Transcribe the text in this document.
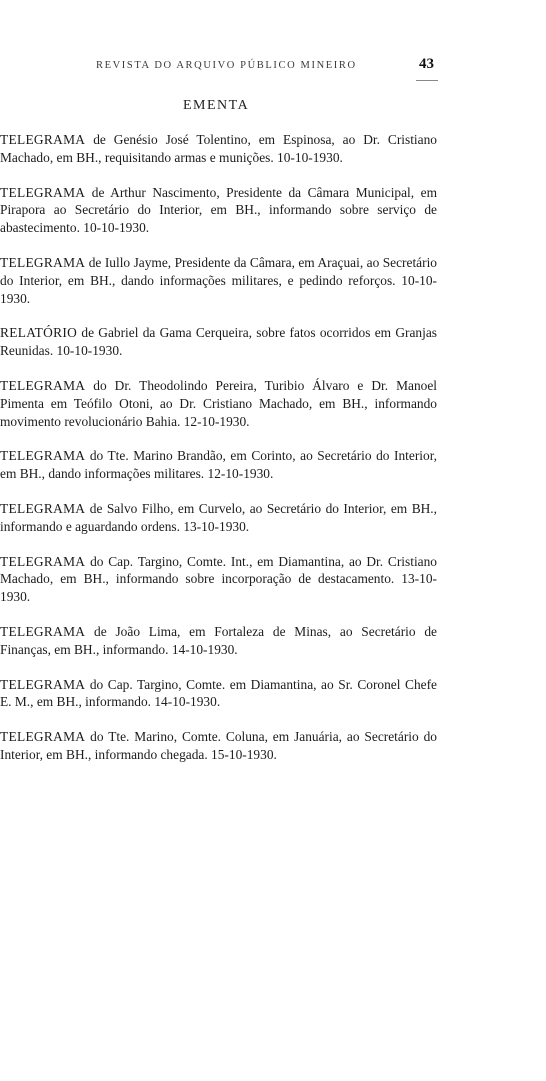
REVISTA DO ARQUIVO PÚBLICO MINEIRO	43
EMENTA

TELEGRAMA de Genésio José Tolentino, em Espinosa, ao Dr. Cristiano Machado, em BH., requisitando armas e munições. 10-10-1930.

TELEGRAMA de Arthur Nascimento, Presidente da Câmara Municipal, em Pirapora ao Secretário do Interior, em BH., informando sobre serviço de abastecimento. 10-10-1930.

TELEGRAMA de Iullo Jayme, Presidente da Câmara, em Araçuai, ao Secretário do Interior, em BH., dando informações militares, e pedindo reforços. 10-10-1930.

RELATÓRIO de Gabriel da Gama Cerqueira, sobre fatos ocorridos em Granjas Reunidas. 10-10-1930.

TELEGRAMA do Dr. Theodolindo Pereira, Turibio Álvaro e Dr. Manoel Pimenta em Teófilo Otoni, ao Dr. Cristiano Machado, em BH., informando movimento revolucionário Bahia. 12-10-1930.

TELEGRAMA do Tte. Marino Brandão, em Corinto, ao Secretário do Interior, em BH., dando informações militares. 12-10-1930.

TELEGRAMA de Salvo Filho, em Curvelo, ao Secretário do Interior, em BH., informando e aguardando ordens. 13-10-1930.

TELEGRAMA do Cap. Targino, Comte. Int., em Diamantina, ao Dr. Cristiano Machado, em BH., informando sobre incorporação de destacamento. 13-10-1930.

TELEGRAMA de João Lima, em Fortaleza de Minas, ao Secretário de Finanças, em BH., informando. 14-10-1930.

TELEGRAMA do Cap. Targino, Comte. em Diamantina, ao Sr. Coronel Chefe E. M., em BH., informando. 14-10-1930.

TELEGRAMA do Tte. Marino, Comte. Coluna, em Januária, ao Secretário do Interior, em BH., informando chegada. 15-10-1930.
